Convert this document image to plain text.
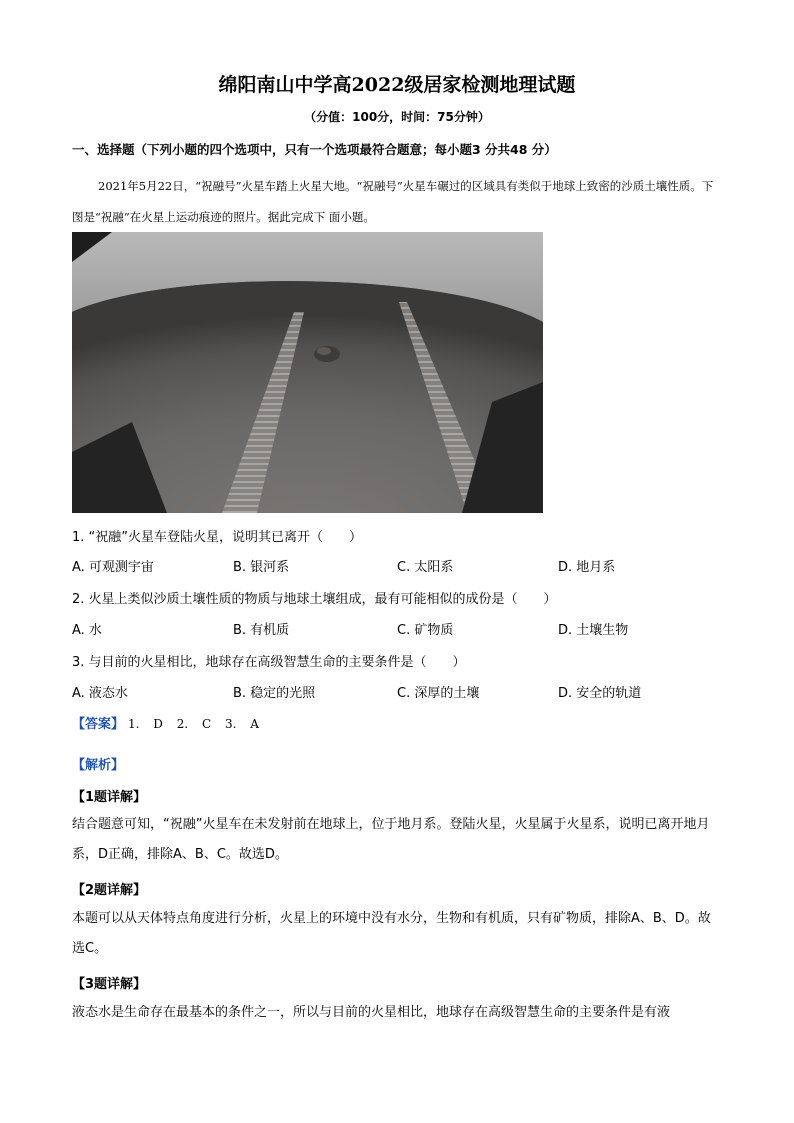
绵阳南山中学高2022级居家检测地理试题
（分值：100分，时间：75分钟）
一、选择题（下列小题的四个选项中，只有一个选项最符合题意；每小题3 分共48 分）

2021年5月22日，“祝融号”火星车踏上火星大地。“祝融号”火星车碾过的区域具有类似于地球上致密的沙质土壤性质。下图是“祝融”在火星上运动痕迹的照片。据此完成下 面小题。

1. “祝融”火星车登陆火星，说明其已离开（　　）
A. 可观测宇宙	B. 银河系	C. 太阳系	D. 地月系
2. 火星上类似沙质土壤性质的物质与地球土壤组成，最有可能相似的成份是（　　）
A. 水	B. 有机质	C. 矿物质	D. 土壤生物
3. 与目前的火星相比，地球存在高级智慧生命的主要条件是（　　）
A. 液态水	B. 稳定的光照	C. 深厚的土壤	D. 安全的轨道
【答案】 1. D 2. C 3. A
【解析】
【1题详解】

结合题意可知，“祝融”火星车在未发射前在地球上，位于地月系。登陆火星，火星属于火星系，说明已离开地月系，D正确，排除A、B、C。故选D。

【2题详解】

本题可以从天体特点角度进行分析，火星上的环境中没有水分，生物和有机质，只有矿物质，排除A、B、D。故选C。

【3题详解】

液态水是生命存在最基本的条件之一，所以与目前的火星相比，地球存在高级智慧生命的主要条件是有液
